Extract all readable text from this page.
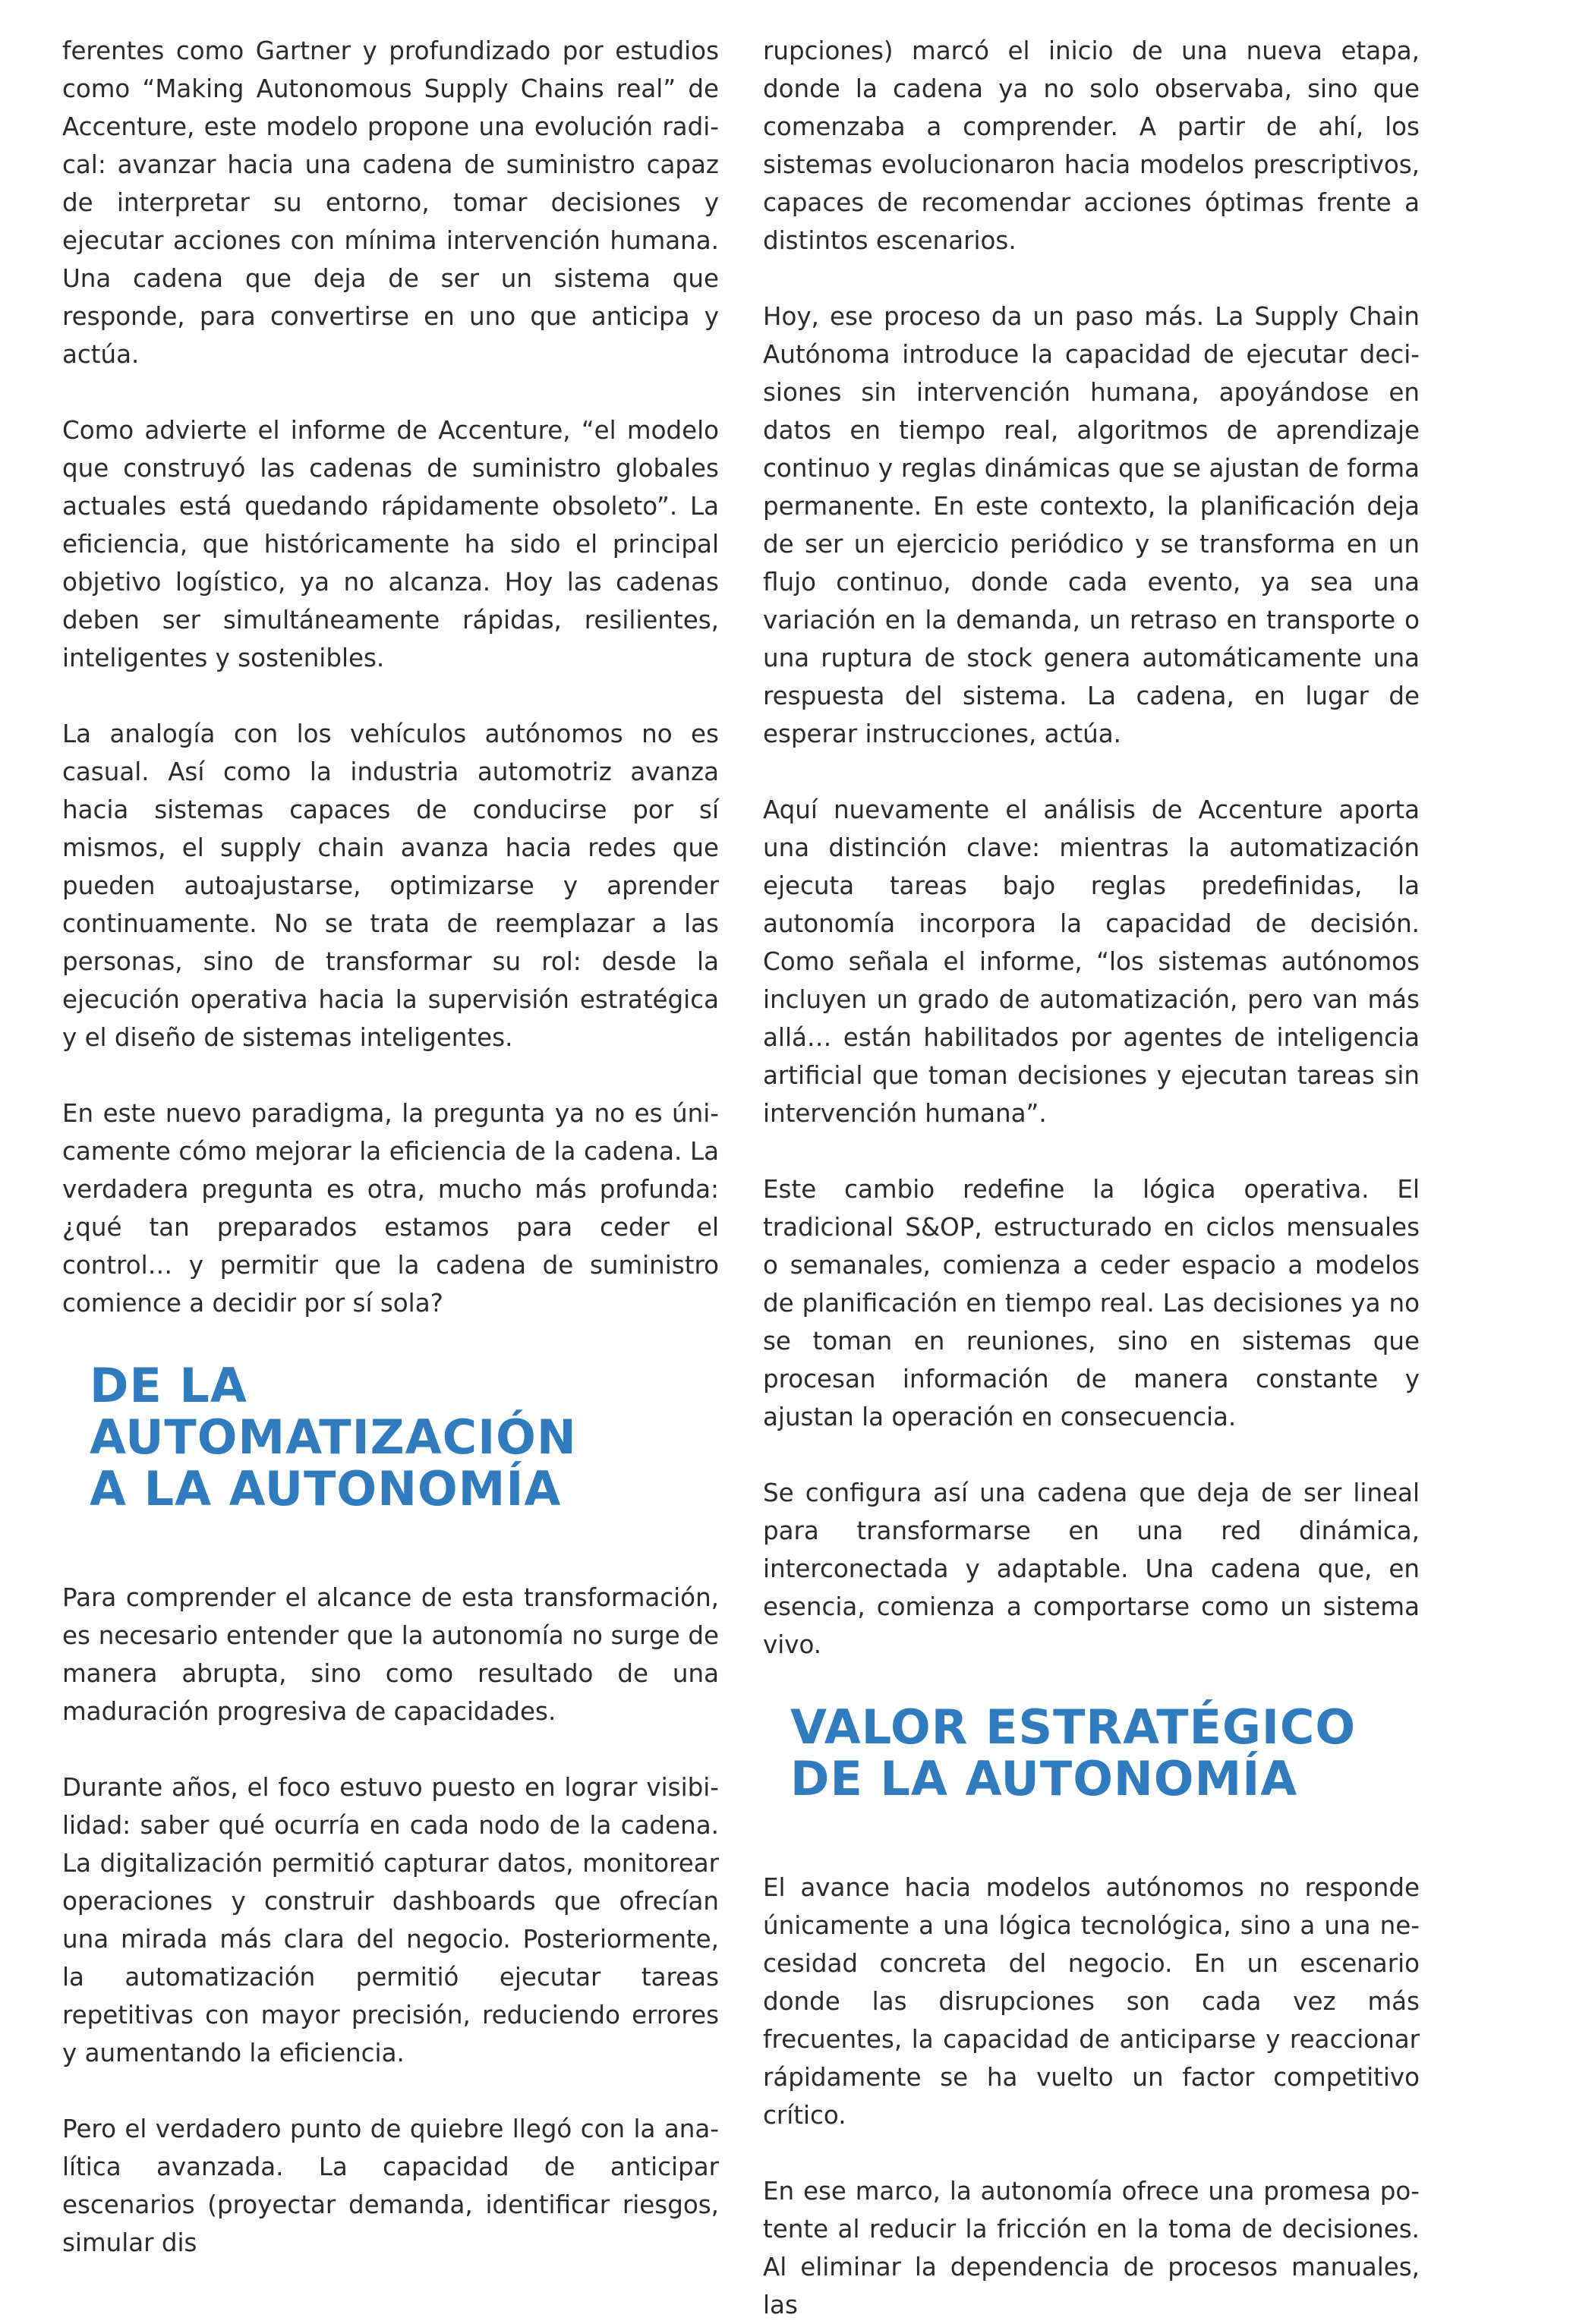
ferentes como Gartner y profundizado por estudios como “Making Autonomous Supply Chains real” de Accenture, este modelo propone una evolución radical: avanzar hacia una cadena de suministro capaz de interpretar su entorno, tomar decisiones y ejecutar acciones con mínima intervención humana. Una cadena que deja de ser un sistema que responde, para convertirse en uno que anticipa y actúa.

Como advierte el informe de Accenture, “el modelo que construyó las cadenas de suministro globales actuales está quedando rápidamente obsoleto”. La eficiencia, que históricamente ha sido el principal objetivo logístico, ya no alcanza. Hoy las cadenas deben ser simultáneamente rápidas, resilientes, inteligentes y sostenibles.

La analogía con los vehículos autónomos no es casual. Así como la industria automotriz avanza hacia sistemas capaces de conducirse por sí mismos, el supply chain avanza hacia redes que pueden autoajustarse, optimizarse y aprender continuamente. No se trata de reemplazar a las personas, sino de transformar su rol: desde la ejecución operativa hacia la supervisión estratégica y el diseño de sistemas inteligentes.

En este nuevo paradigma, la pregunta ya no es únicamente cómo mejorar la eficiencia de la cadena. La verdadera pregunta es otra, mucho más profunda: ¿qué tan preparados estamos para ceder el control… y permitir que la cadena de suministro comience a decidir por sí sola?

DE LA AUTOMATIZACIÓN
A LA AUTONOMÍA

Para comprender el alcance de esta transformación, es necesario entender que la autonomía no surge de manera abrupta, sino como resultado de una maduración progresiva de capacidades.

Durante años, el foco estuvo puesto en lograr visibilidad: saber qué ocurría en cada nodo de la cadena. La digitalización permitió capturar datos, monitorear operaciones y construir dashboards que ofrecían una mirada más clara del negocio. Posteriormente, la automatización permitió ejecutar tareas repetitivas con mayor precisión, reduciendo errores y aumentando la eficiencia.

Pero el verdadero punto de quiebre llegó con la analítica avanzada. La capacidad de anticipar escenarios (proyectar demanda, identificar riesgos, simular dis

rupciones) marcó el inicio de una nueva etapa, donde la cadena ya no solo observaba, sino que comenzaba a comprender. A partir de ahí, los sistemas evolucionaron hacia modelos prescriptivos, capaces de recomendar acciones óptimas frente a distintos escenarios.

Hoy, ese proceso da un paso más. La Supply Chain Autónoma introduce la capacidad de ejecutar decisiones sin intervención humana, apoyándose en datos en tiempo real, algoritmos de aprendizaje continuo y reglas dinámicas que se ajustan de forma permanente. En este contexto, la planificación deja de ser un ejercicio periódico y se transforma en un flujo continuo, donde cada evento, ya sea una variación en la demanda, un retraso en transporte o una ruptura de stock genera automáticamente una respuesta del sistema. La cadena, en lugar de esperar instrucciones, actúa.

Aquí nuevamente el análisis de Accenture aporta una distinción clave: mientras la automatización ejecuta tareas bajo reglas predefinidas, la autonomía incorpora la capacidad de decisión. Como señala el informe, “los sistemas autónomos incluyen un grado de automatización, pero van más allá… están habilitados por agentes de inteligencia artificial que toman decisiones y ejecutan tareas sin intervención humana”.

Este cambio redefine la lógica operativa. El tradicional S&OP, estructurado en ciclos mensuales o semanales, comienza a ceder espacio a modelos de planificación en tiempo real. Las decisiones ya no se toman en reuniones, sino en sistemas que procesan información de manera constante y ajustan la operación en consecuencia.

Se configura así una cadena que deja de ser lineal para transformarse en una red dinámica, interconectada y adaptable. Una cadena que, en esencia, comienza a comportarse como un sistema vivo.

VALOR ESTRATÉGICO
DE LA AUTONOMÍA

El avance hacia modelos autónomos no responde únicamente a una lógica tecnológica, sino a una necesidad concreta del negocio. En un escenario donde las disrupciones son cada vez más frecuentes, la capacidad de anticiparse y reaccionar rápidamente se ha vuelto un factor competitivo crítico.

En ese marco, la autonomía ofrece una promesa potente al reducir la fricción en la toma de decisiones. Al eliminar la dependencia de procesos manuales, las
